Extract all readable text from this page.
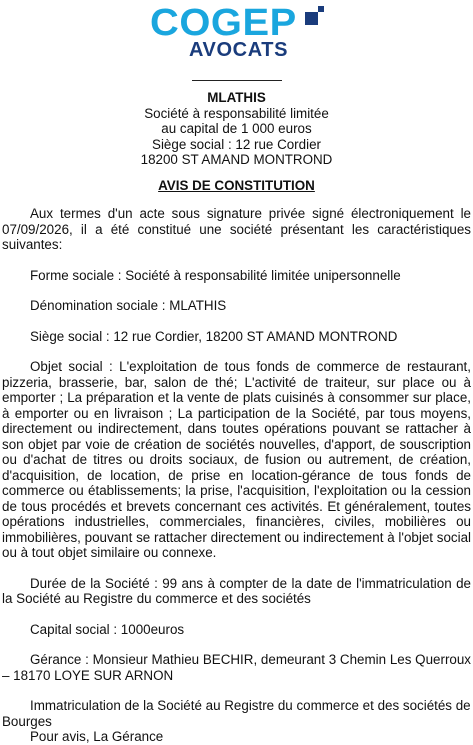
COGEP
AVOCATS
MLATHIS
Société à responsabilité limitée
au capital de 1 000 euros
Siège social : 12 rue Cordier
18200 ST AMAND MONTROND
AVIS DE CONSTITUTION

Aux termes d'un acte sous signature privée signé électroniquement le 07/09/2026, il a été constitué une société présentant les caractéristiques suivantes:

Forme sociale : Société à responsabilité limitée unipersonnelle

Dénomination sociale : MLATHIS

Siège social : 12 rue Cordier, 18200 ST AMAND MONTROND

Objet social : L'exploitation de tous fonds de commerce de restaurant, pizzeria, brasserie, bar, salon de thé; L'activité de traiteur, sur place ou à emporter ; La préparation et la vente de plats cuisinés à consommer sur place, à emporter ou en livraison ; La participation de la Société, par tous moyens, directement ou indirectement, dans toutes opérations pouvant se rattacher à son objet par voie de création de sociétés nouvelles, d'apport, de souscription ou d'achat de titres ou droits sociaux, de fusion ou autrement, de création, d'acquisition, de location, de prise en location-gérance de tous fonds de commerce ou établissements; la prise, l'acquisition, l'exploitation ou la cession de tous procédés et brevets concernant ces activités. Et généralement, toutes opérations industrielles, commerciales, financières, civiles, mobilières ou immobilières, pouvant se rattacher directement ou indirectement à l'objet social ou à tout objet similaire ou connexe.

Durée de la Société : 99 ans à compter de la date de l'immatriculation de la Société au Registre du commerce et des sociétés

Capital social : 1000euros

Gérance : Monsieur Mathieu BECHIR, demeurant 3 Chemin Les Querroux – 18170 LOYE SUR ARNON

Immatriculation de la Société au Registre du commerce et des sociétés de Bourges

Pour avis, La Gérance
